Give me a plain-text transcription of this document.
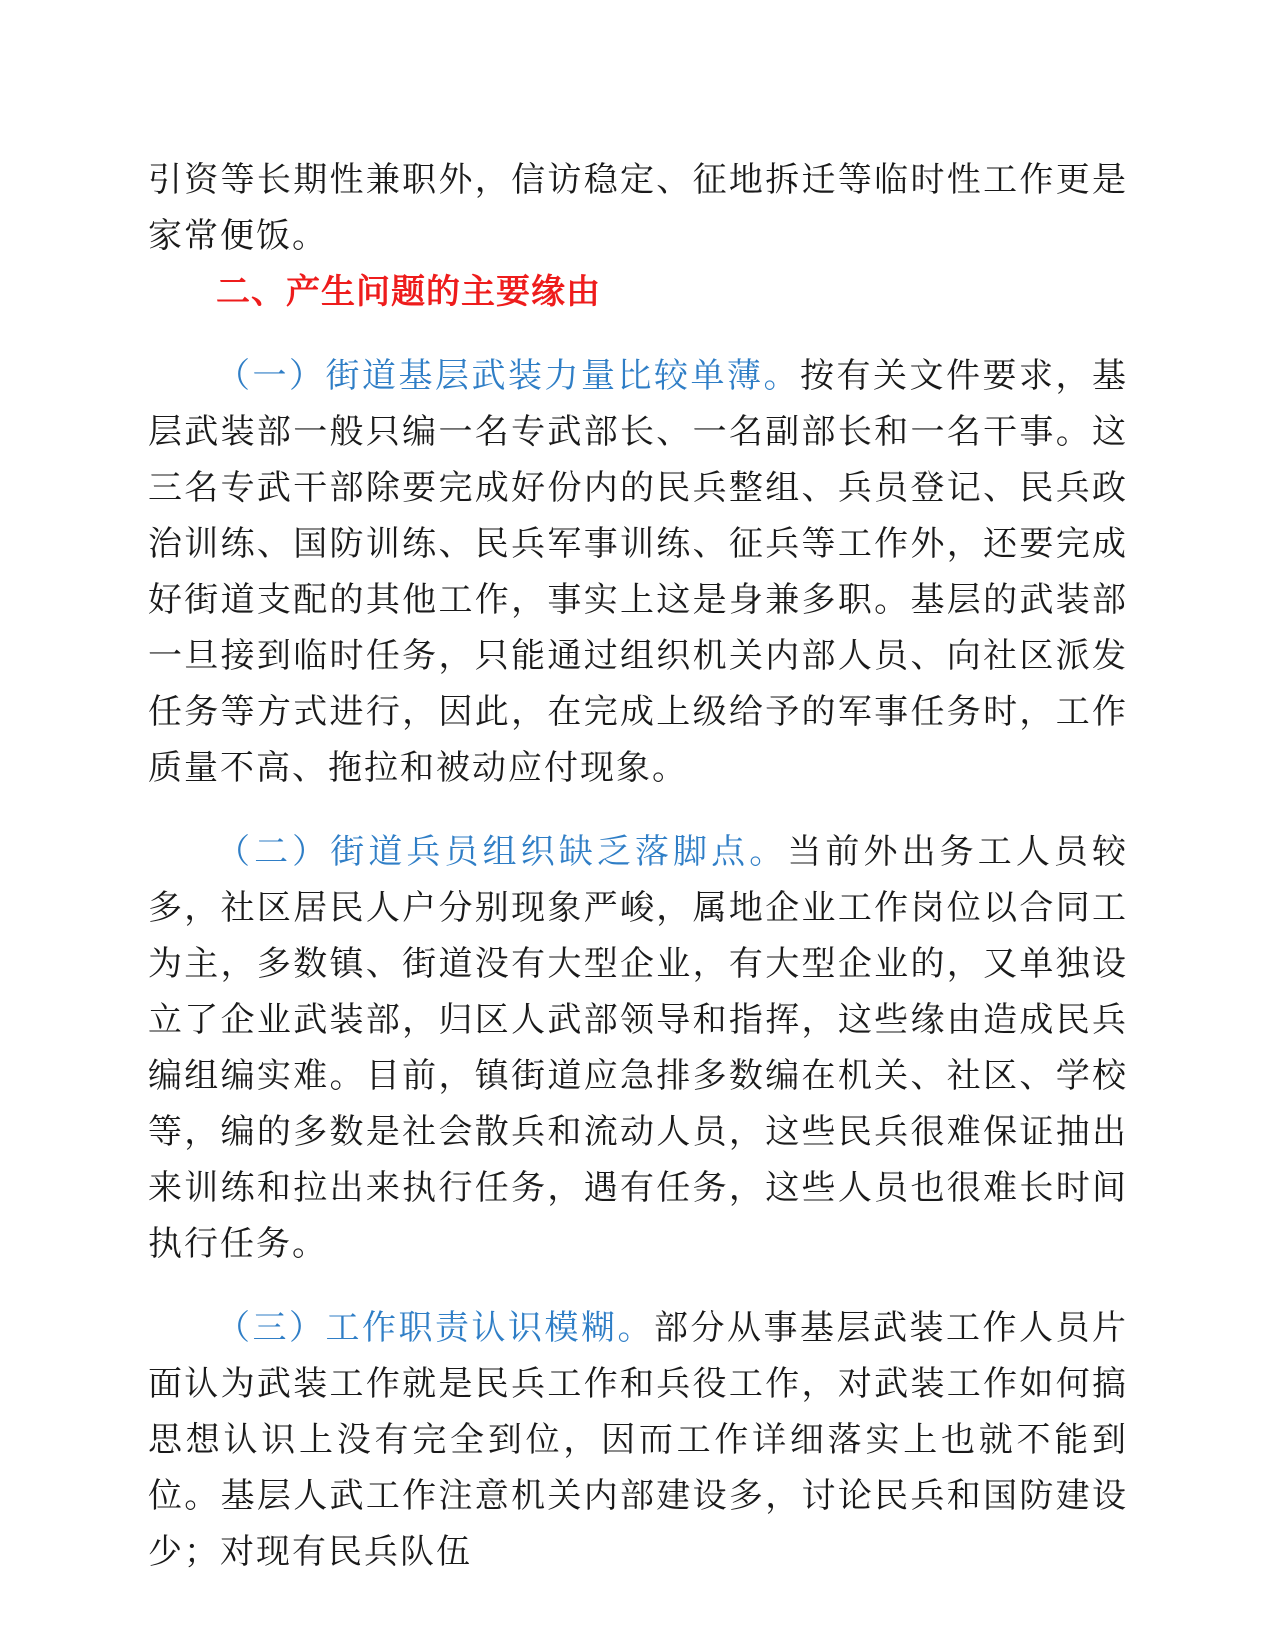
引资等长期性兼职外，信访稳定、征地拆迁等临时性工作更是家常便饭。

二、产生问题的主要缘由

（一）街道基层武装力量比较单薄。按有关文件要求，基层武装部一般只编一名专武部长、一名副部长和一名干事。这三名专武干部除要完成好份内的民兵整组、兵员登记、民兵政治训练、国防训练、民兵军事训练、征兵等工作外，还要完成好街道支配的其他工作，事实上这是身兼多职。基层的武装部一旦接到临时任务，只能通过组织机关内部人员、向社区派发任务等方式进行，因此，在完成上级给予的军事任务时，工作质量不高、拖拉和被动应付现象。

（二）街道兵员组织缺乏落脚点。当前外出务工人员较多，社区居民人户分别现象严峻，属地企业工作岗位以合同工为主，多数镇、街道没有大型企业，有大型企业的，又单独设立了企业武装部，归区人武部领导和指挥，这些缘由造成民兵编组编实难。目前，镇街道应急排多数编在机关、社区、学校等，编的多数是社会散兵和流动人员，这些民兵很难保证抽出来训练和拉出来执行任务，遇有任务，这些人员也很难长时间执行任务。

（三）工作职责认识模糊。部分从事基层武装工作人员片面认为武装工作就是民兵工作和兵役工作，对武装工作如何搞思想认识上没有完全到位，因而工作详细落实上也就不能到位。基层人武工作注意机关内部建设多，讨论民兵和国防建设少；对现有民兵队伍
